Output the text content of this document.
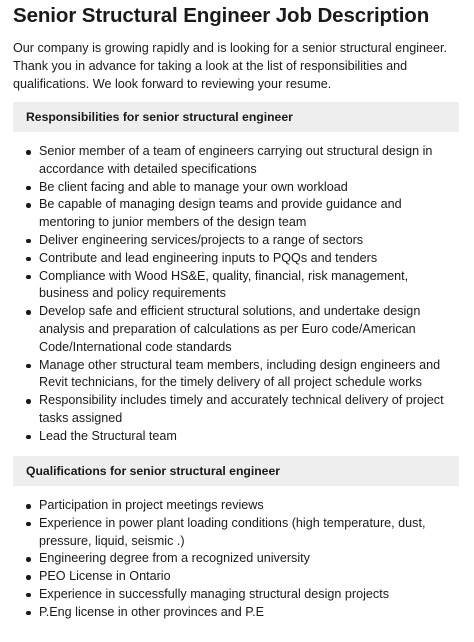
Senior Structural Engineer Job Description

Our company is growing rapidly and is looking for a senior structural engineer. Thank you in advance for taking a look at the list of responsibilities and qualifications. We look forward to reviewing your resume.

Responsibilities for senior structural engineer
Senior member of a team of engineers carrying out structural design in accordance with detailed specifications
Be client facing and able to manage your own workload
Be capable of managing design teams and provide guidance and mentoring to junior members of the design team
Deliver engineering services/projects to a range of sectors
Contribute and lead engineering inputs to PQQs and tenders
Compliance with Wood HS&E, quality, financial, risk management, business and policy requirements
Develop safe and efficient structural solutions, and undertake design analysis and preparation of calculations as per Euro code/American Code/International code standards
Manage other structural team members, including design engineers and Revit technicians, for the timely delivery of all project schedule works
Responsibility includes timely and accurately technical delivery of project tasks assigned
Lead the Structural team
Qualifications for senior structural engineer
Participation in project meetings reviews
Experience in power plant loading conditions (high temperature, dust, pressure, liquid, seismic .)
Engineering degree from a recognized university
PEO License in Ontario
Experience in successfully managing structural design projects
P.Eng license in other provinces and P.E
